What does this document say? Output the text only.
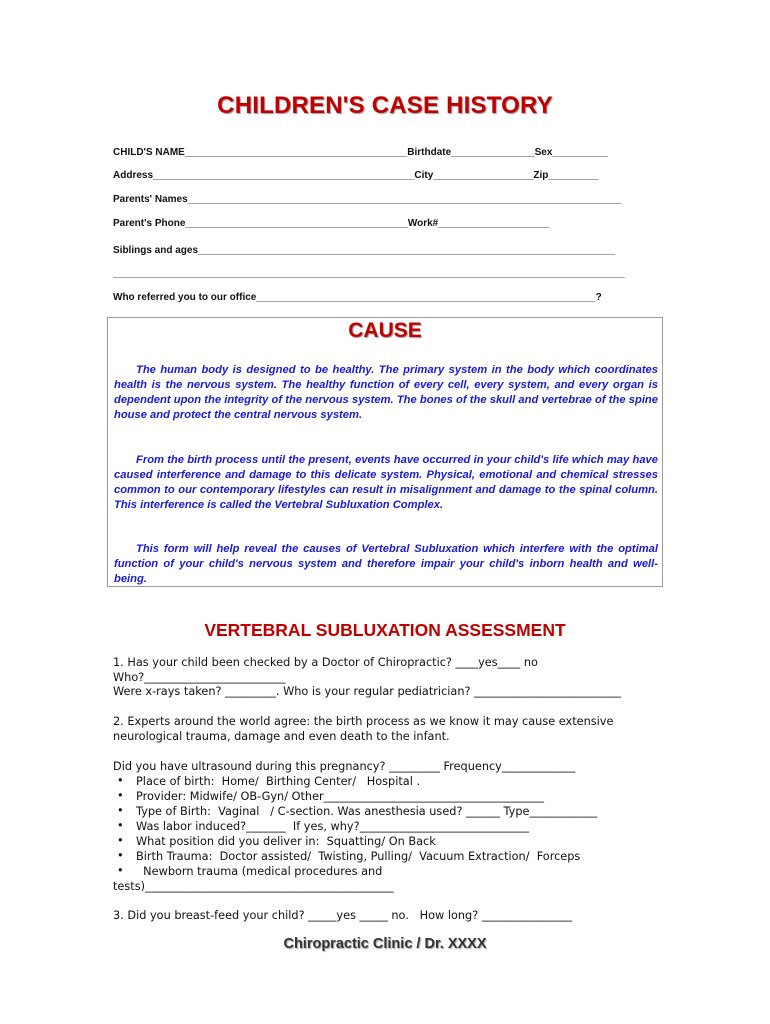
CHILDREN'S CASE HISTORY
CHILD'S NAME________________________________________Birthdate_______________Sex__________
Address_______________________________________________City__________________Zip_________
Parents' Names______________________________________________________________________________
Parent's Phone________________________________________Work#____________________
Siblings and ages___________________________________________________________________________
____________________________________________________________________________________________
Who referred you to our office_____________________________________________________________?
CAUSE

The human body is designed to be healthy. The primary system in the body which coordinates health is the nervous system. The healthy function of every cell, every system, and every organ is dependent upon the integrity of the nervous system. The bones of the skull and vertebrae of the spine house and protect the central nervous system.

From the birth process until the present, events have occurred in your child's life which may have caused interference and damage to this delicate system. Physical, emotional and chemical stresses common to our contemporary lifestyles can result in misalignment and damage to the spinal column. This interference is called the Vertebral Subluxation Complex.

This form will help reveal the causes of Vertebral Subluxation which interfere with the optimal function of your child's nervous system and therefore impair your child's inborn health and well-being.

VERTEBRAL SUBLUXATION ASSESSMENT
1. Has your child been checked by a Doctor of Chiropractic? ____yes____ no
Who?_________________________
Were x-rays taken? _________. Who is your regular pediatrician? __________________________
2. Experts around the world agree: the birth process as we know it may cause extensive
neurological trauma, damage and even death to the infant.
Did you have ultrasound during this pregnancy? _________ Frequency_____________
• Place of birth:  Home/  Birthing Center/   Hospital .
• Provider: Midwife/ OB-Gyn/ Other_______________________________________
• Type of Birth:  Vaginal   / C-section. Was anesthesia used? ______ Type____________
• Was labor induced?_______  If yes, why?______________________________
• What position did you deliver in:  Squatting/ On Back
• Birth Trauma:  Doctor assisted/  Twisting, Pulling/  Vacuum Extraction/  Forceps
• Newborn trauma (medical procedures and
tests)____________________________________________
3. Did you breast-feed your child? _____yes _____ no.   How long? ________________
Chiropractic Clinic / Dr. XXXX
